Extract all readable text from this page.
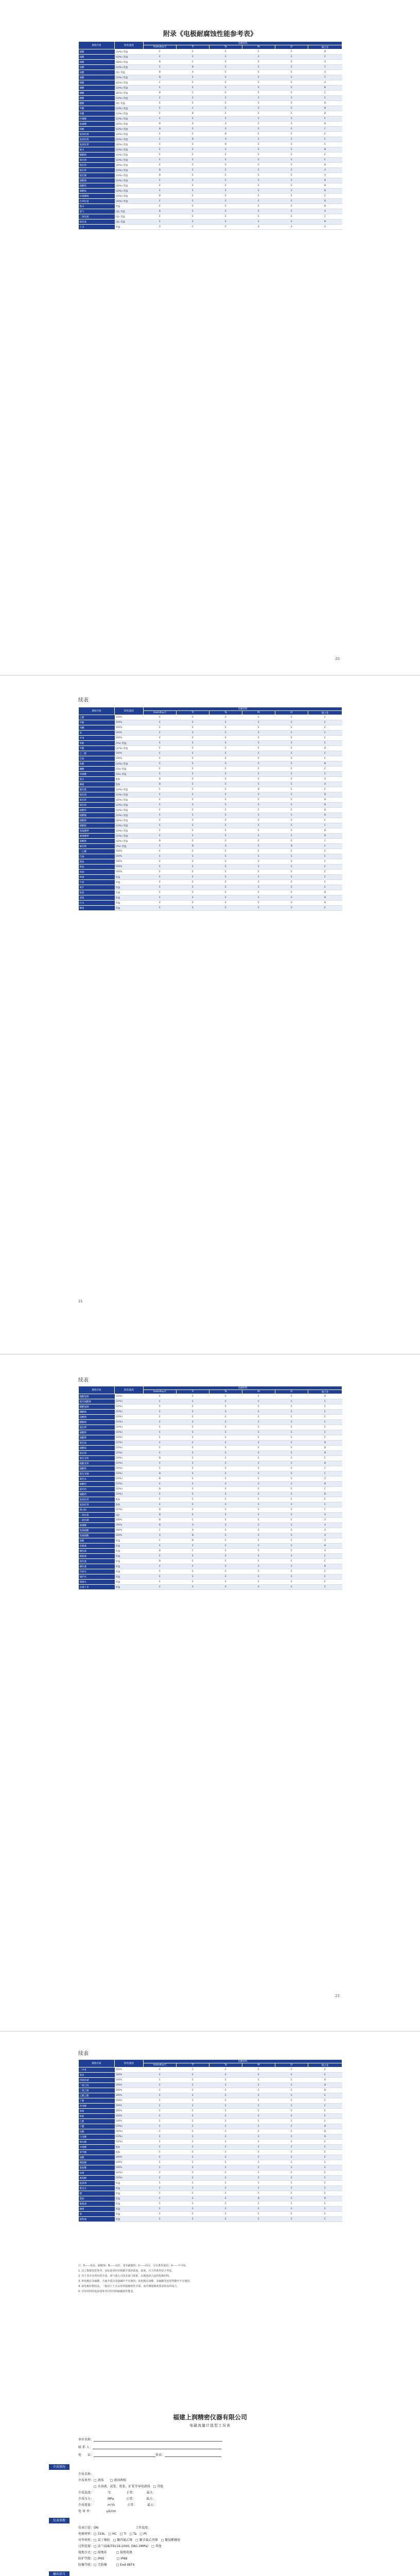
附录《电极耐腐蚀性能参考表》
腐蚀介质	浓度/温度	电极材料					
		Hastelloy-C	Ti	Ta	Pt	Zr	镍合金
硫酸	(10%) 常温	E	E	E	E	E	B
硫酸	(50%) 常温	E	E	E	E	E	C
硫酸	(98%) 常温	B	C	E	E	E	X
盐酸	(10%) 常温	E	B	E	E	E	C
盐酸	(浓) 常温	B	X	E	E	E	X
硝酸	(10%) 常温	B	E	E	E	E	C
硝酸	(65%) 常温	C	E	E	E	E	X
磷酸	(10%) 常温	E	E	E	E	E	B
磷酸	(85%) 常温	B	C	E	E	E	C
醋酸	(10%) 常温	E	E	E	E	E	E
醋酸	(浓) 常温	E	E	E	E	E	B
甲酸	(10%) 常温	E	C	E	E	E	B
草酸	(10%) 常温	E	B	E	E	E	B
柠檬酸	(10%) 常温	E	E	E	E	E	E
氢氟酸	(10%) 常温	B	X	X	E	X	B
铬酸	(10%) 常温	B	E	E	E	E	C
氢氧化钠	(10%) 常温	E	E	B	E	E	E
氢氧化钠	(50%) 常温	E	B	X	E	E	E
氢氧化钾	(10%) 常温	E	E	B	E	E	E
氨水	(10%) 常温	E	E	E	E	E	B
碳酸钠	(10%) 常温	E	E	E	E	E	E
氯化钠	(10%) 常温	E	E	E	E	E	E
氯化钙	(10%) 常温	E	E	E	E	E	B
氯化铁	(10%) 常温	B	E	E	E	E	X
氯化铜	(10%) 常温	B	E	E	E	E	X
硫酸铜	(10%) 常温	E	E	E	E	E	B
硫酸铝	(10%) 常温	E	E	E	E	E	B
硝酸铵	(10%) 常温	E	E	E	E	E	B
次氯酸钠	(10%) 常温	B	E	E	E	E	C
过氧化氢	(30%) 常温	E	E	E	E	E	B
海水	常温	E	E	E	E	E	B
氯气	(湿) 常温	B	E	E	E	E	X
二氧化硫	(湿) 常温	E	E	E	E	E	C
硫化氢	(湿) 常温	E	E	E	E	E	B
王水	常温	X	C	E	X	X	X
20
续表
腐蚀介质	浓度/温度	电极材料					
		Hastelloy-C	Ti	Ta	Pt	Zr	镍合金
乙醇	100%	E	E	E	E	E	E
甲醇	100%	E	E	E	E	E	E
丙酮	100%	E	E	E	E	E	E
苯	100%	E	E	E	E	E	E
甲苯	100%	E	E	E	E	E	E
苯酚	(5%) 常温	E	E	E	E	E	E
甲醛	(37%) 常温	E	E	E	E	E	B
乙二醇	100%	E	E	E	E	E	E
甘油	100%	E	E	E	E	E	E
乳酸	(10%) 常温	E	E	E	E	E	B
硼酸	(5%) 常温	E	E	E	E	E	E
亚硫酸	(5%) 常温	E	E	E	E	E	C
溴水	饱和	B	E	E	E	E	X
碘液	饱和	B	E	E	E	E	X
氰化钠	(10%) 常温	E	E	E	B	E	E
硫化钠	(10%) 常温	E	E	E	E	E	B
氯化锌	(10%) 常温	E	E	E	E	E	B
氯化镁	(10%) 常温	E	E	E	E	E	B
硫酸锌	(10%) 常温	E	E	E	E	E	B
硫酸镍	(10%) 常温	E	E	E	E	E	B
硫酸钠	(10%) 常温	E	E	E	E	E	E
硝酸银	(10%) 常温	E	E	E	E	E	C
高锰酸钾	(10%) 常温	E	E	E	E	E	B
重铬酸钾	(10%) 常温	E	E	E	E	E	B
氯酸钠	(10%) 常温	B	E	E	E	E	C
氟化钠	(5%) 常温	E	B	X	E	B	E
二乙醚	100%	E	E	E	E	E	E
汽油	100%	E	E	E	E	E	E
煤油	100%	E	E	E	E	E	E
柴油	100%	E	E	E	E	E	E
原油	100%	E	E	E	E	E	E
啤酒	常温	E	E	E	E	E	E
牛奶	常温	E	E	E	E	E	E
果汁	常温	E	E	E	E	E	E
纸浆	常温	E	E	E	E	E	B
泥浆	常温	E	E	E	E	E	B
污水	常温	E	E	E	E	E	B
糖浆	常温	E	E	E	E	E	E
21
续表
腐蚀介质	浓度/温度	电极材料					
		Hastelloy-C	Ti	Ta	Pt	Zr	镍合金
硫酸氢钠	(10%)	E	E	E	E	E	B
硫代硫酸钠	(10%)	E	E	E	E	E	E
碳酸氢钠	(10%)	E	E	E	E	E	E
磷酸钠	(10%)	E	E	E	E	E	E
硅酸钠	(10%)	E	E	E	E	E	E
醋酸钠	(10%)	E	E	E	E	E	E
氯化钾	(10%)	E	E	E	E	E	E
硝酸钾	(10%)	E	E	E	E	E	E
硫酸钾	(10%)	E	E	E	E	E	E
氯化铵	(10%)	E	E	E	E	E	B
硫酸铵	(10%)	E	E	E	E	E	B
氯化钡	(10%)	E	E	E	E	E	B
氯化亚铁	(10%)	B	E	E	E	E	C
硫酸亚铁	(10%)	E	E	E	E	E	B
硫酸铁	(10%)	E	E	E	E	E	C
氯化亚锡	(10%)	B	E	E	E	E	C
氯化汞	(10%)	B	E	E	E	E	X
硝酸铅	(10%)	E	E	E	E	E	B
氯化铝	(10%)	B	E	E	E	E	C
硝酸钙	(10%)	E	E	E	E	E	B
氢氧化钙	饱和	E	E	E	E	E	E
氢氧化钡	饱和	E	E	E	E	E	E
漂白粉	(10%)	B	E	E	E	E	C
二氧化氯	(湿)	B	E	E	E	E	X
三氯化磷	100%	B	C	E	E	E	X
氯磺酸	100%	B	X	E	E	E	X
发烟硫酸	100%	C	X	E	E	E	X
发烟硝酸	100%	X	B	E	E	E	X
混酸	常温	C	B	E	E	E	X
电镀液	常温	E	E	E	E	E	B
酸洗液	常温	B	C	E	E	E	X
脱脂液	常温	E	E	E	E	E	E
钝化液	常温	B	E	E	E	E	C
磷化液	常温	E	E	E	E	E	B
冷却水	常温	E	E	E	E	E	E
锅炉水	常温	E	E	E	E	E	E
蒸馏水	常温	E	E	E	E	E	E
去离子水	常温	E	E	E	E	E	E
22
续表
腐蚀介质	浓度/温度	电极材料					
		Hastelloy-C	Ti	Ta	Pt	Zr	镍合金
二甲苯	100%	E	E	E	E	E	E
氯仿	100%	E	E	E	E	E	E
四氯化碳	100%	E	E	E	E	E	B
二氯乙烷	100%	E	E	E	E	E	B
三氯乙烯	100%	E	E	E	E	E	B
乙酸乙酯	100%	E	E	E	E	E	E
丁醇	100%	E	E	E	E	E	E
异丙醇	100%	E	E	E	E	E	E
苯胺	100%	E	E	E	E	E	E
吡啶	100%	E	E	E	E	E	E
乙醛	100%	E	E	E	E	E	E
丁酸	(10%)	E	E	E	E	E	B
丙酸	(10%)	E	E	E	E	E	B
马来酸	(10%)	E	E	E	E	E	B
酒石酸	(10%)	E	E	E	E	E	E
水杨酸	饱和	E	E	E	E	E	E
苯甲酸	饱和	E	E	E	E	E	E
油酸	100%	E	E	E	E	E	E
硬脂酸	100%	E	E	E	E	E	E
脂肪酸	100%	E	E	E	E	E	E
尿素	(10%)	E	E	E	E	E	E
葡萄糖	(10%)	E	E	E	E	E	E
洗涤剂	常温	E	E	E	E	E	E
肥皂水	常温	E	E	E	E	E	E
醋	常温	E	E	E	E	E	E
酱油	常温	E	E	E	B	E	B
葡萄酒	常温	E	E	E	E	E	E
咖啡	常温	E	E	E	E	E	E
茶	常温	E	E	E	E	E	E
植物油	常温	E	E	E	E	E	E
注：E——优良，耐腐蚀；B——良好，基本耐腐蚀；C——尚可，可有条件使用；X——不可用。
1. 以上数据仅供参考，实际选用时应根据介质的浓度、温度、压力等条件综合考虑。
2. 对于表中未列出的介质，请与我公司技术部门联系，以便选择合适的电极材料。
3. 钽电极在氢氟酸、含氟介质以及强碱中不宜使用；钛电极在盐酸、氢氟酸等还原性酸中不宜使用。
4. 铂电极价格较高，一般用于王水以外的强腐蚀性介质，或对测量精度要求较高的场合。
5. 衬里材料的选择请参考衬里材料耐腐蚀性能表。
福建上润精密仪器有限公司
电磁流量计选型工况表
单位名称：
联 系 人：
电　　话：	传真：
介质情况
介质名称：
介质类型：□ 液体　　□ 液固两相
　　　　　□ 水溶液、泥浆、纸浆、矿浆等导电液体　□ 其他
介质温度：　　　　　℃　　　　　正常：　　　　最大：
介质压力：　　　　　MPa　　　　正常：　　　　最大：
介质流量：　　　　　m³/h　　　　正常：　　　　最大：
电 导 率：　　　　　μS/cm
仪表参数
仪表口径：DN　　　　　　　　　　　　工作温度：
电极材料：□ 316L　□ HC　□ Ti　□ Ta　□ Pt
衬里材料：□ 氯丁橡胶　□ 聚四氟乙烯　□ 聚全氟乙丙烯　□ 聚氨酯橡胶
过程连接：□ 法兰(GB/T9119-2000, DN1.0MPa)　□ 其他
接地方式：□ 接地环　　　□ 接地电极
防护等级：□ IP65　　　　□ IP68
防爆等级：□ 无防爆　　　□ Exd IIBT4
输出信号
